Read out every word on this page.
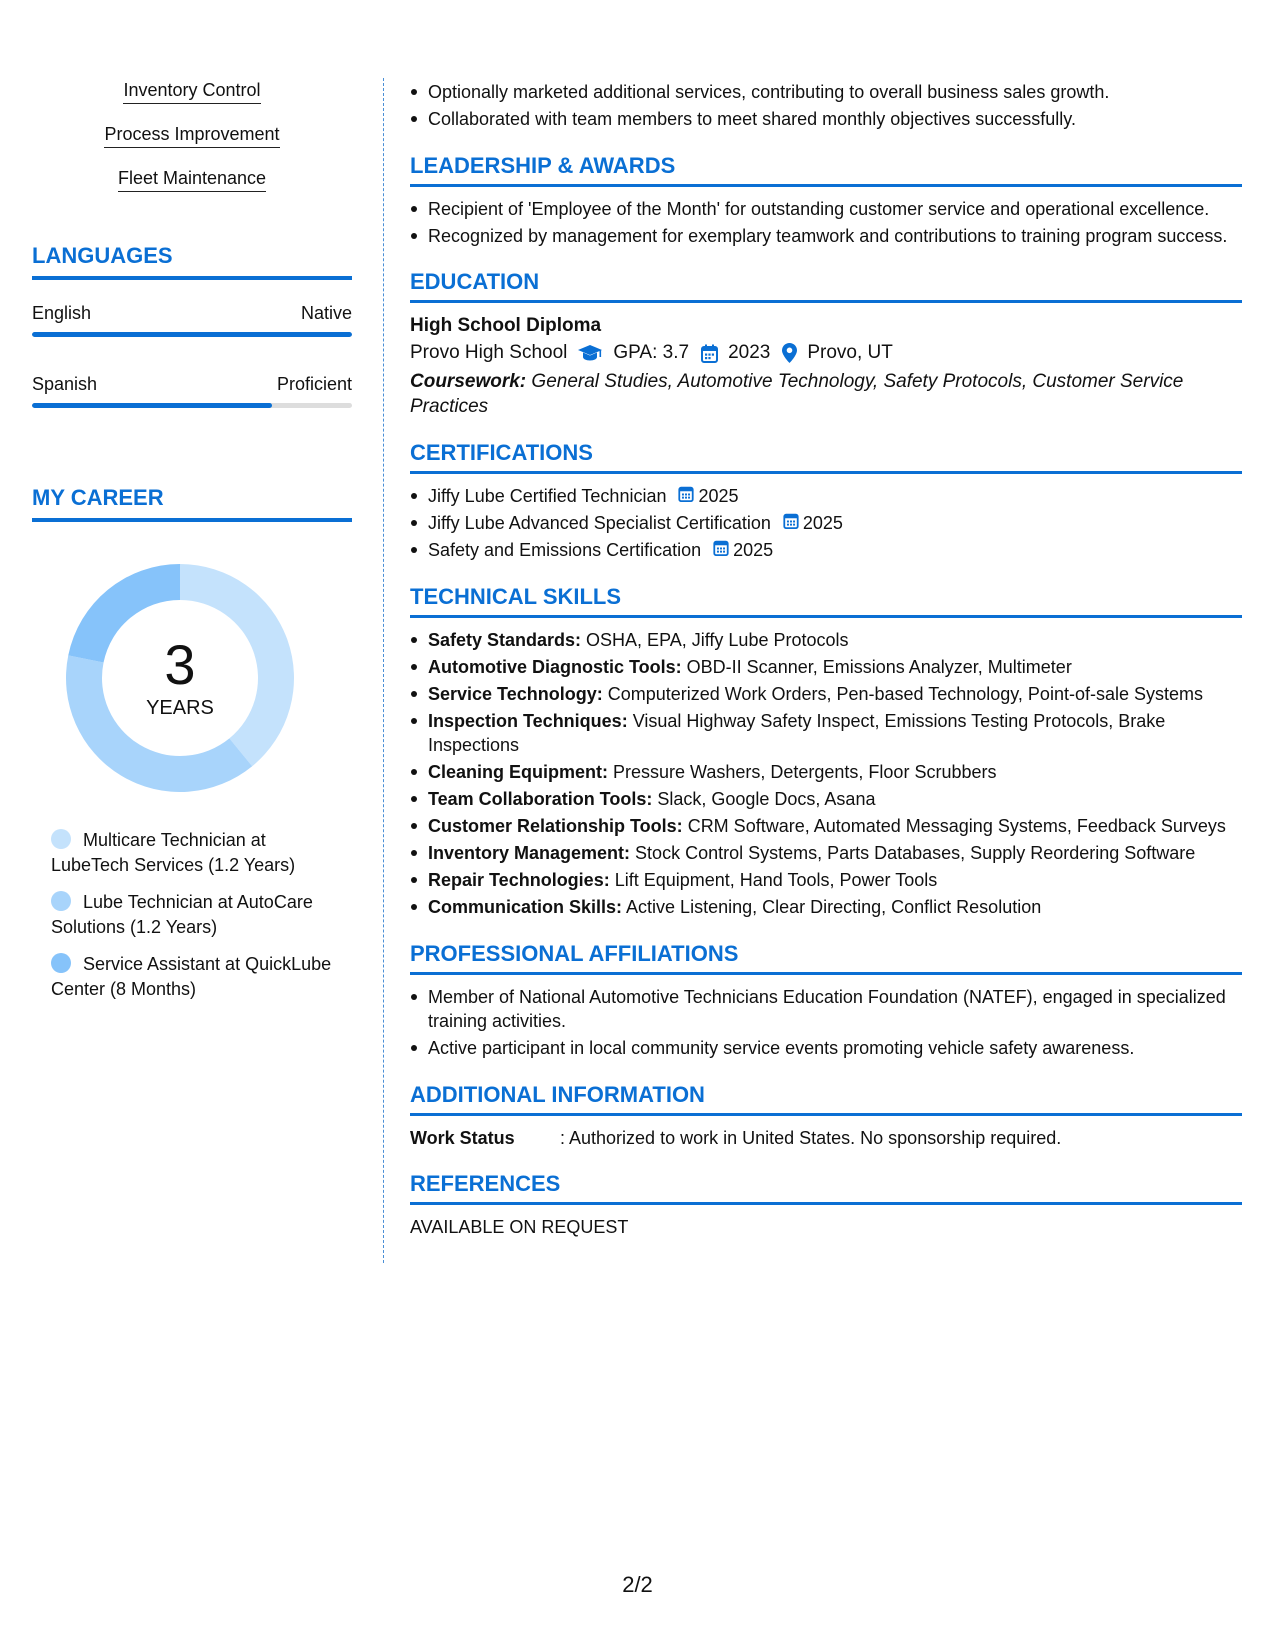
Inventory Control
Process Improvement
Fleet Maintenance
LANGUAGES
English	Native
Spanish	Proficient
MY CAREER
3
YEARS
Multicare Technician at LubeTech Services (1.2 Years)
Lube Technician at AutoCare Solutions (1.2 Years)
Service Assistant at QuickLube Center (8 Months)
Optionally marketed additional services, contributing to overall business sales growth.
Collaborated with team members to meet shared monthly objectives successfully.
LEADERSHIP & AWARDS
Recipient of 'Employee of the Month' for outstanding customer service and operational excellence.
Recognized by management for exemplary teamwork and contributions to training program success.
EDUCATION
High School Diploma
Provo High School GPA: 3.7 2023 Provo, UT
Coursework: General Studies, Automotive Technology, Safety Protocols, Customer Service Practices
CERTIFICATIONS
Jiffy Lube Certified Technician 2025
Jiffy Lube Advanced Specialist Certification 2025
Safety and Emissions Certification 2025
TECHNICAL SKILLS
Safety Standards: OSHA, EPA, Jiffy Lube Protocols
Automotive Diagnostic Tools: OBD-II Scanner, Emissions Analyzer, Multimeter
Service Technology: Computerized Work Orders, Pen-based Technology, Point-of-sale Systems
Inspection Techniques: Visual Highway Safety Inspect, Emissions Testing Protocols, Brake Inspections
Cleaning Equipment: Pressure Washers, Detergents, Floor Scrubbers
Team Collaboration Tools: Slack, Google Docs, Asana
Customer Relationship Tools: CRM Software, Automated Messaging Systems, Feedback Surveys
Inventory Management: Stock Control Systems, Parts Databases, Supply Reordering Software
Repair Technologies: Lift Equipment, Hand Tools, Power Tools
Communication Skills: Active Listening, Clear Directing, Conflict Resolution
PROFESSIONAL AFFILIATIONS
Member of National Automotive Technicians Education Foundation (NATEF), engaged in specialized training activities.
Active participant in local community service events promoting vehicle safety awareness.
ADDITIONAL INFORMATION
Work Status	: Authorized to work in United States. No sponsorship required.
REFERENCES
AVAILABLE ON REQUEST
2/2
